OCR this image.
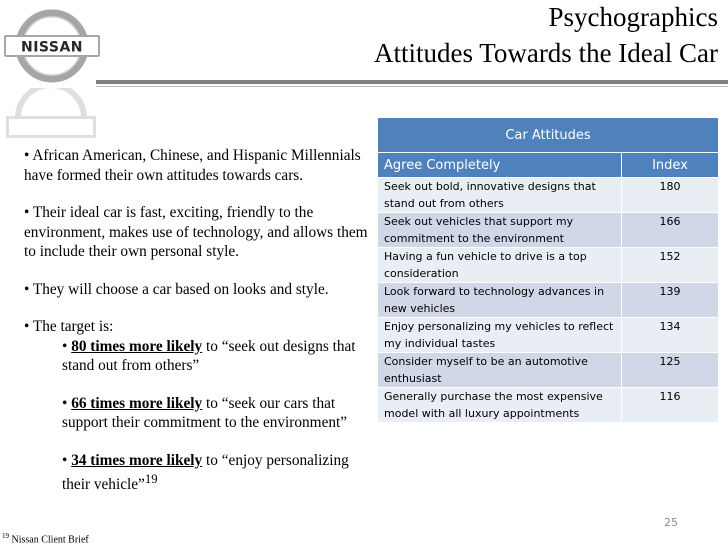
NISSAN
Psychographics
Attitudes Towards the Ideal Car

• African American, Chinese, and Hispanic Millennials have formed their own attitudes towards cars.

• Their ideal car is fast, exciting, friendly to the environment, makes use of technology, and allows them to include their own personal style.

• They will choose a car based on looks and style.

• The target is:

• 80 times more likely to “seek out designs that stand out from others”

• 66 times more likely to “seek our cars that support their commitment to the environment”

• 34 times more likely to “enjoy personalizing their vehicle”$^{19}$

Car Attitudes	
Agree Completely	Index
Seek out bold, innovative designs that stand out from others	180
Seek out vehicles that support my commitment to the environment	166
Having a fun vehicle to drive is a top consideration	152
Look forward to technology advances in new vehicles	139
Enjoy personalizing my vehicles to reflect my individual tastes	134
Consider myself to be an automotive enthusiast	125
Generally purchase the most expensive model with all luxury appointments	116
25
$^{19}$ Nissan Client Brief
